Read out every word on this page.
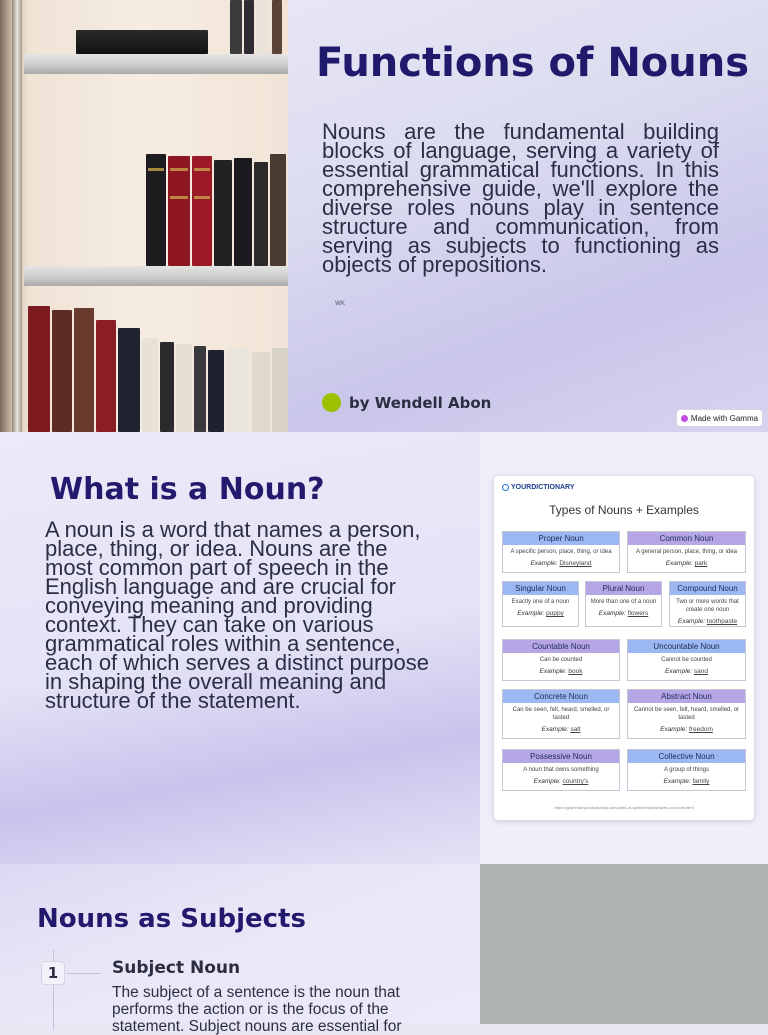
Functions of Nouns

Nouns are the fundamental building blocks of language, serving a variety of essential grammatical functions. In this comprehensive guide, we'll explore the diverse roles nouns play in sentence structure and communication, from serving as subjects to functioning as objects of prepositions.

WK
by Wendell Abon
Made with Gamma
What is a Noun?

A noun is a word that names a person, place, thing, or idea. Nouns are the most common part of speech in the English language and are crucial for conveying meaning and providing context. They can take on various grammatical roles within a sentence, each of which serves a distinct purpose in shaping the overall meaning and structure of the statement.

YOURDICTIONARY
Types of Nouns + Examples
Proper Noun
A specific person, place, thing, or idea
Example: Disneyland
Common Noun
A general person, place, thing, or idea
Example: park
Singular Noun
Exactly one of a noun
Example: puppy
Plural Noun
More than one of a noun
Example: flowers
Compound Noun
Two or more words that create one noun
Example: toothpaste
Countable Noun
Can be counted
Example: book
Uncountable Noun
Cannot be counted
Example: sand
Concrete Noun
Can be seen, felt, heard, smelled, or tasted
Example: salt
Abstract Noun
Cannot be seen, felt, heard, smelled, or tasted
Example: freedom
Possessive Noun
A noun that owns something
Example: country's
Collective Noun
A group of things
Example: family
https://grammar.yourdictionary.com/parts-of-speech/nouns/types-of-nouns.html
Nouns as Subjects
1	Subject Noun

The subject of a sentence is the noun that performs the action or is the focus of the statement. Subject nouns are essential for
